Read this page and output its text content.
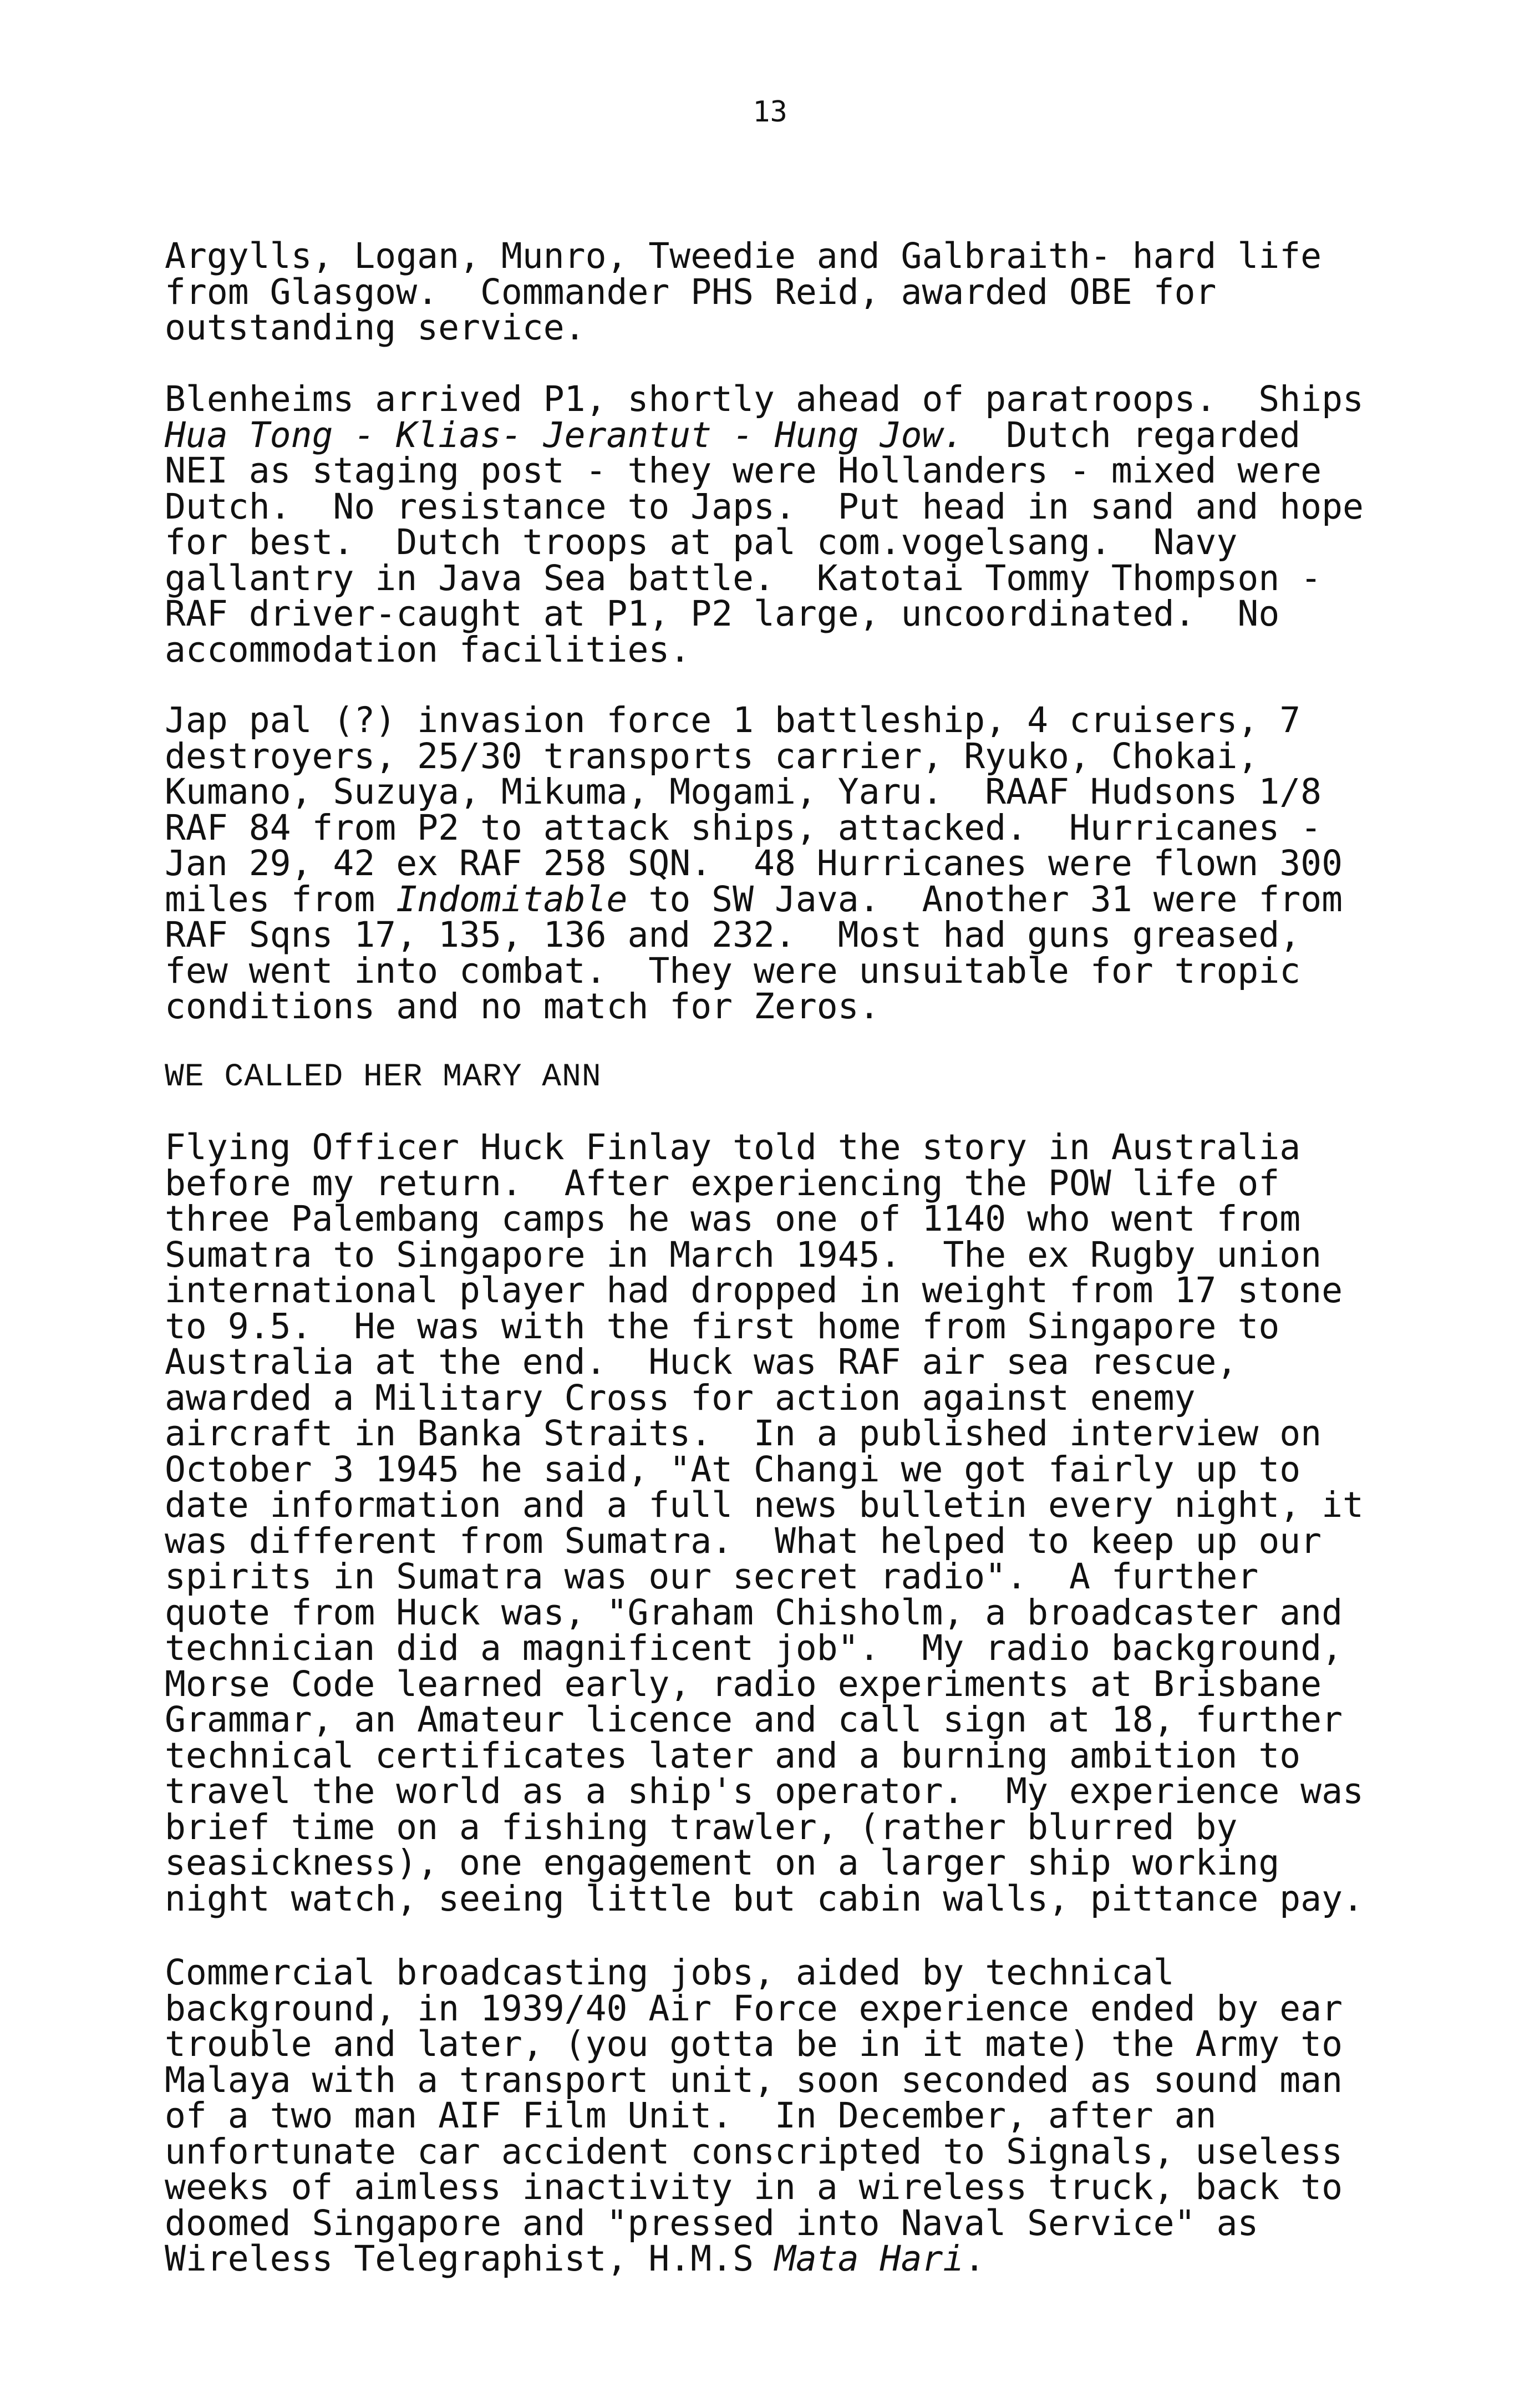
13
Argylls, Logan, Munro, Tweedie and Galbraith- hard life
from Glasgow.  Commander PHS Reid, awarded OBE for
outstanding service.
Blenheims arrived P1, shortly ahead of paratroops.  Ships
Hua Tong - Klias- Jerantut - Hung Jow.  Dutch regarded
NEI as staging post - they were Hollanders - mixed were
Dutch.  No resistance to Japs.  Put head in sand and hope
for best.  Dutch troops at pal com.vogelsang.  Navy
gallantry in Java Sea battle.  Katotai Tommy Thompson -
RAF driver-caught at P1, P2 large, uncoordinated.  No
accommodation facilities.
Jap pal (?) invasion force 1 battleship, 4 cruisers, 7
destroyers, 25/30 transports carrier, Ryuko, Chokai,
Kumano, Suzuya, Mikuma, Mogami, Yaru.  RAAF Hudsons 1/8
RAF 84 from P2 to attack ships, attacked.  Hurricanes -
Jan 29, 42 ex RAF 258 SQN.  48 Hurricanes were flown 300
miles from Indomitable to SW Java.  Another 31 were from
RAF Sqns 17, 135, 136 and 232.  Most had guns greased,
few went into combat.  They were unsuitable for tropic
conditions and no match for Zeros.
WE CALLED HER MARY ANN
Flying Officer Huck Finlay told the story in Australia
before my return.  After experiencing the POW life of
three Palembang camps he was one of 1140 who went from
Sumatra to Singapore in March 1945.  The ex Rugby union
international player had dropped in weight from 17 stone
to 9.5.  He was with the first home from Singapore to
Australia at the end.  Huck was RAF air sea rescue,
awarded a Military Cross for action against enemy
aircraft in Banka Straits.  In a published interview on
October 3 1945 he said, "At Changi we got fairly up to
date information and a full news bulletin every night, it
was different from Sumatra.  What helped to keep up our
spirits in Sumatra was our secret radio".  A further
quote from Huck was, "Graham Chisholm, a broadcaster and
technician did a magnificent job".  My radio background,
Morse Code learned early, radio experiments at Brisbane
Grammar, an Amateur licence and call sign at 18, further
technical certificates later and a burning ambition to
travel the world as a ship's operator.  My experience was
brief time on a fishing trawler, (rather blurred by
seasickness), one engagement on a larger ship working
night watch, seeing little but cabin walls, pittance pay.
Commercial broadcasting jobs, aided by technical
background, in 1939/40 Air Force experience ended by ear
trouble and later, (you gotta be in it mate) the Army to
Malaya with a transport unit, soon seconded as sound man
of a two man AIF Film Unit.  In December, after an
unfortunate car accident conscripted to Signals, useless
weeks of aimless inactivity in a wireless truck, back to
doomed Singapore and "pressed into Naval Service" as
Wireless Telegraphist, H.M.S Mata Hari.
